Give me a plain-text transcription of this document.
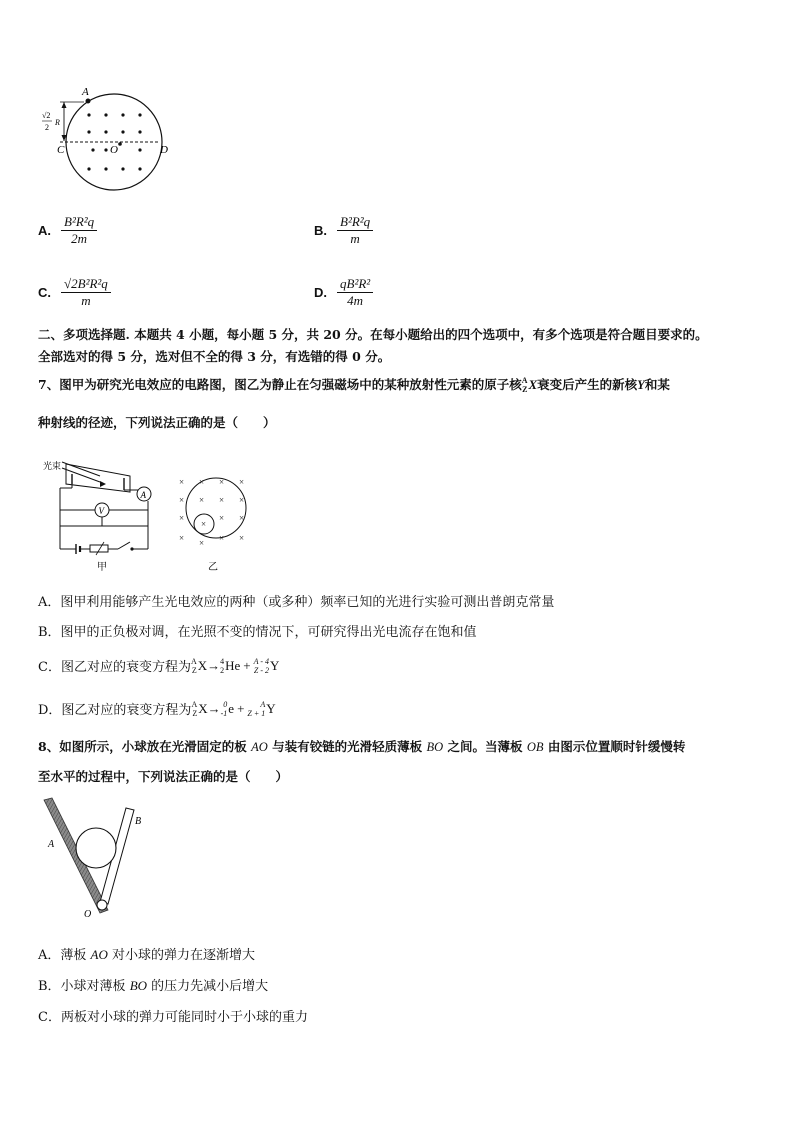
A
C	O	D
√2
2
R
A. $\frac{\text{B²R²q}}{2m}$	B. $\frac{\text{B²R²q}}{m}$
C. $\frac{\text{√2B²R²q}}{m}$	D. $\frac{\text{qB²R²}}{4m}$
二、多项选择题. 本题共 4 小题，每小题 5 分，共 20 分。在每小题给出的四个选项中，有多个选项是符合题目要求的。
全部选对的得 5 分，选对但不全的得 3 分，有选错的得 0 分。
7、图甲为研究光电效应的电路图，图乙为静止在匀强磁场中的某种放射性元素的原子核 A
Z X 衰变后产生的新核 Y 和某
种射线的径迹，下列说法正确的是（　　）
光束
A
V
甲
× × × ×
× × × ×
×
×
× ×
× × × ×
乙
A．图甲利用能够产生光电效应的两种（或多种）频率已知的光进行实验可测出普朗克常量
B．图甲的正负极对调，在光照不变的情况下，可研究得出光电流存在饱和值
C．图乙对应的衰变方程为 A
Z X → 4
2 He + A - 4
Z - 2 Y
D．图乙对应的衰变方程为 A
Z X → 0
-1 e +	A
Z + 1 Y
8、如图所示，小球放在光滑固定的板 AO 与装有铰链的光滑轻质薄板 BO 之间。当薄板 OB 由图示位置顺时针缓慢转
至水平的过程中，下列说法正确的是（　　）
A
B
O
A．薄板 AO 对小球的弹力在逐渐增大
B．小球对薄板 BO 的压力先减小后增大
C．两板对小球的弹力可能同时小于小球的重力
